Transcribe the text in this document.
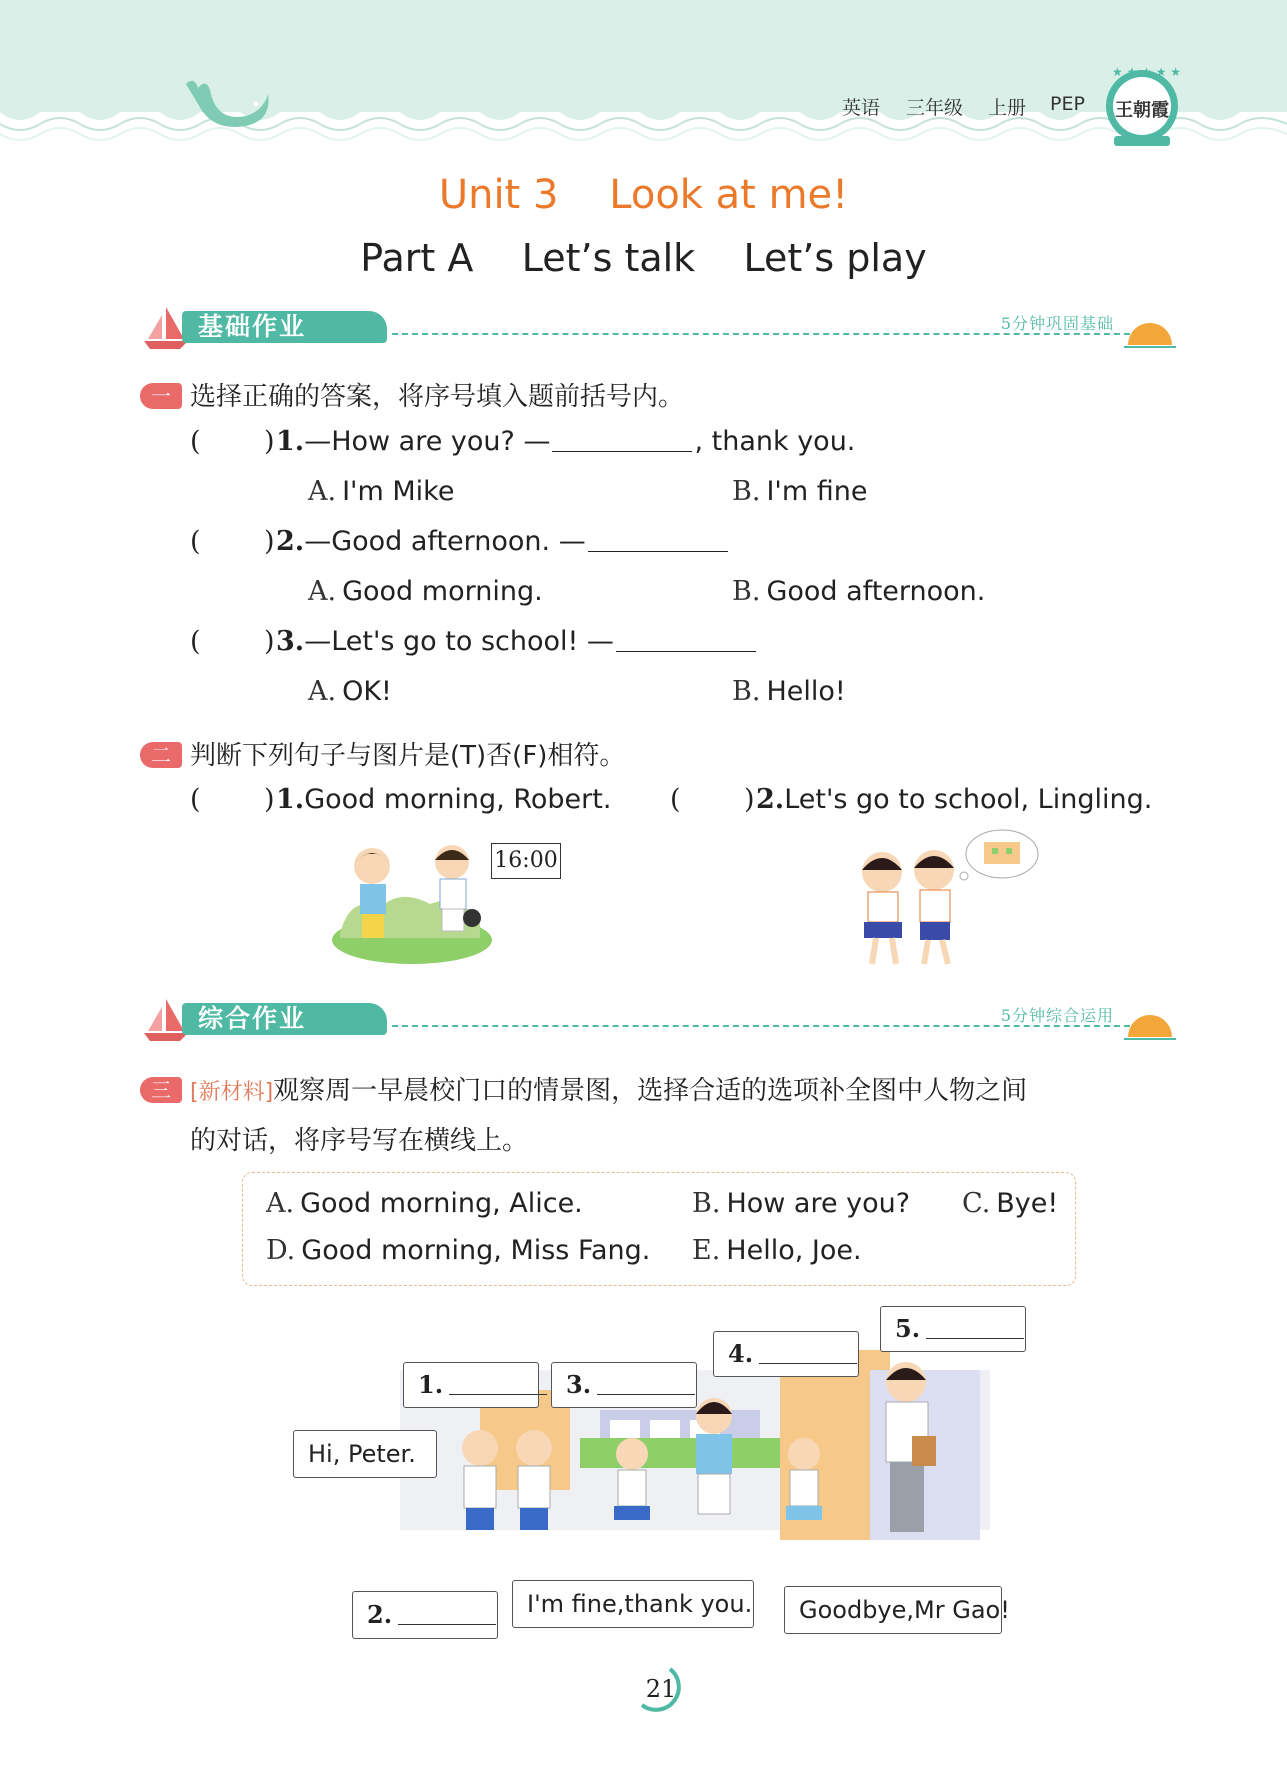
英语 三年级 上册 PEP
★ ★ ★ ★ ★
王朝霞
Unit 3    Look at me!
Part A    Let’s talk    Let’s play
基础作业	5分钟巩固基础
一 选择正确的答案，将序号填入题前括号内。
( ) 1.—How are you? —	, thank you.
A. I'm Mike	B. I'm fine
( ) 2.—Good afternoon. —
A. Good morning.	B. Good afternoon.
( ) 3.—Let's go to school! —
A. OK!	B. Hello!
二 判断下列句子与图片是(T)否(F)相符。
( ) 1.Good morning, Robert. ( ) 2.Let's go to school, Lingling.
16:00
综合作业	5分钟综合运用
三 [新材料]观察周一早晨校门口的情景图，选择合适的选项补全图中人物之间
的对话，将序号写在横线上。
A. Good morning, Alice.	B. How are you? C. Bye!
D. Good morning, Miss Fang. E. Hello, Joe.
1.	3.
4.
5.
Hi, Peter.
2.	I'm fine,thank you.	Goodbye,Mr Gao!
21
